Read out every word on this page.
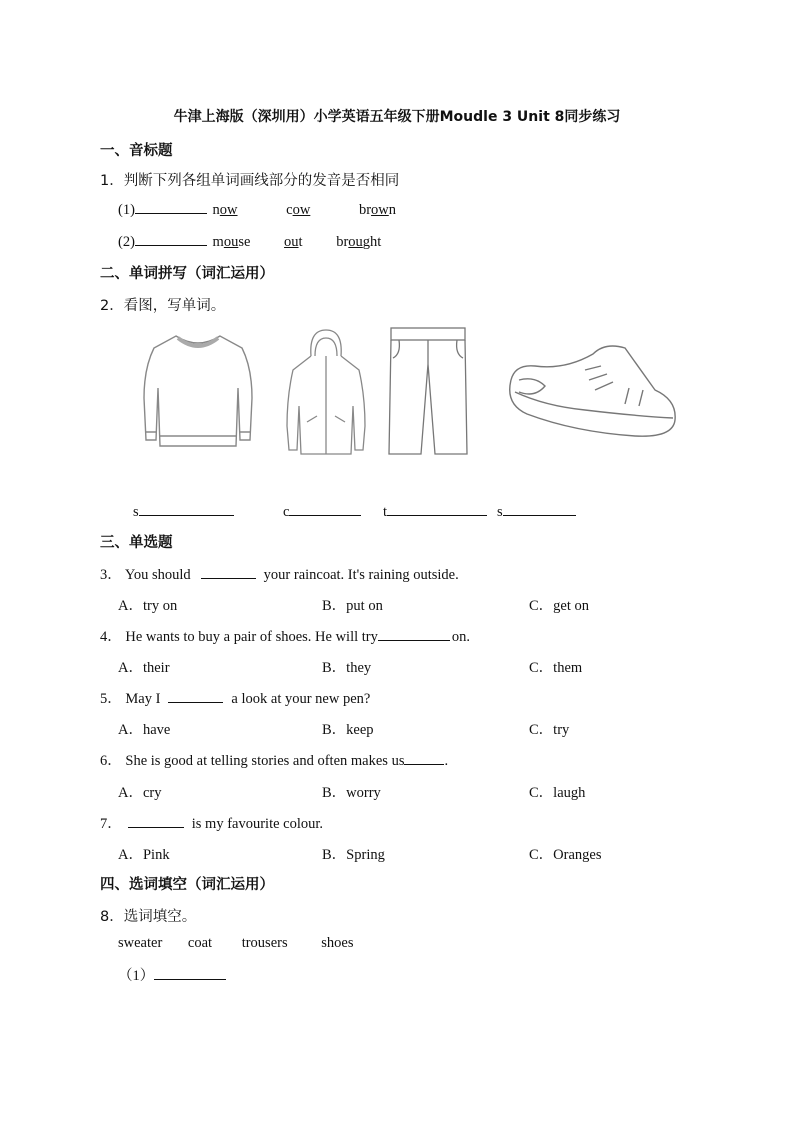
牛津上海版（深圳用）小学英语五年级下册Moudle 3 Unit 8同步练习
一、音标题
1．判断下列各组单词画线部分的发音是否相同
(1)	now	cow	brown
(2)	mouse out brought
二、单词拼写（词汇运用）
2．看图，写单词。
s	c	t	s
三、单选题
3． You should	your raincoat. It's raining outside.
A．try on	B．put on	C．get on
4． He wants to buy a pair of shoes. He will try	on.
A．their	B．they	C．them
5． May I	a look at your new pen?
A．have	B．keep	C．try
6． She is good at telling stories and often makes us	.
A．cry	B．worry	C．laugh
7．	is my favourite colour.
A．Pink	B．Spring	C．Oranges
四、选词填空（词汇运用）
8．选词填空。
sweater coat trousers shoes
（1）
